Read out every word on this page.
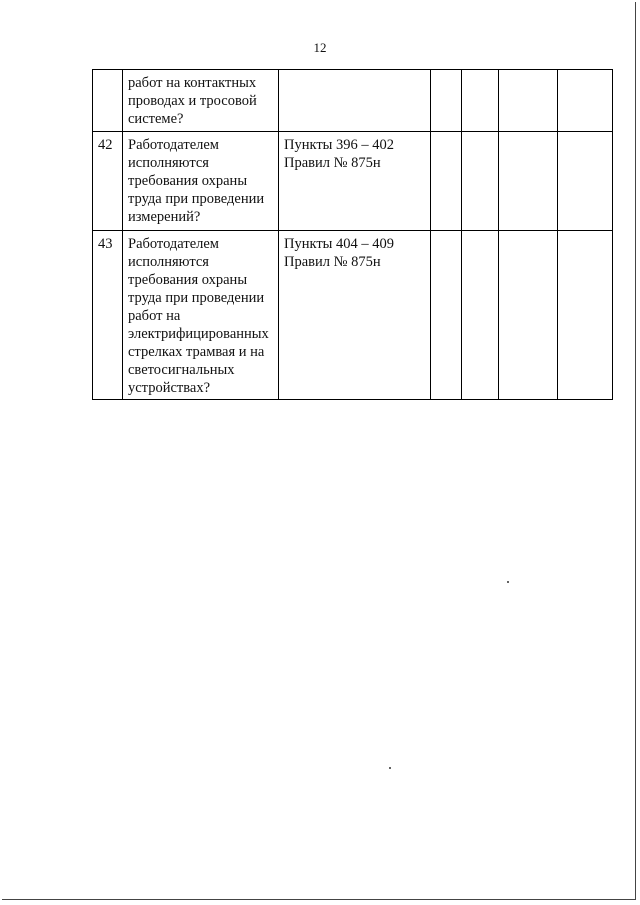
12
	работ на контактных проводах и тросовой системе?					
42	Работодателем исполняются требования охраны труда при проведении измерений?	Пункты 396 – 402 Правил № 875н				
43	Работодателем исполняются требования охраны труда при проведении работ на электрифицированных стрелках трамвая и на светосигнальных устройствах?	Пункты 404 – 409 Правил № 875н				
